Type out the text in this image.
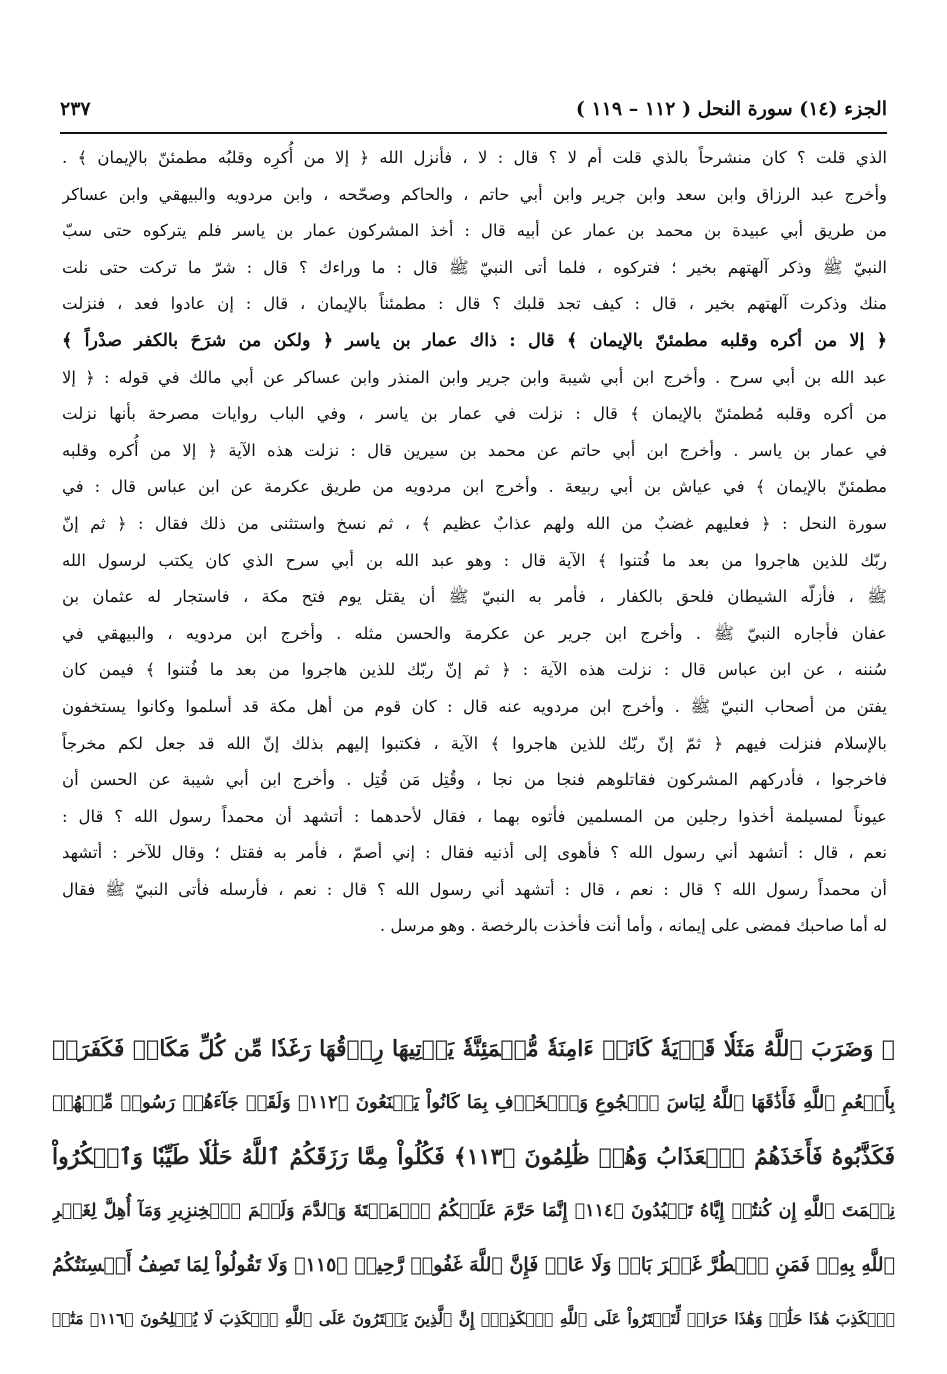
الجزء (١٤) سورة النحل ( ١١٢ – ١١٩ )
٢٣٧
الذي قلت ؟ كان منشرحاً بالذي قلت أم لا ؟ قال : لا ، فأنزل الله ﴿ إلا من أُكرِه وقلبُه مطمئنّ بالإيمان ﴾ .
وأخرج عبد الرزاق وابن سعد وابن جرير وابن أبي حاتم ، والحاكم وصحّحه ، وابن مردويه والبيهقي وابن عساكر
من طريق أبي عبيدة بن محمد بن عمار عن أبيه قال : أخذ المشركون عمار بن ياسر فلم يتركوه حتى سبّ
النبيّ ﷺ وذكر آلهتهم بخير ؛ فتركوه ، فلما أتى النبيّ ﷺ قال : ما وراءك ؟ قال : شرّ ما تركت حتى نلت
منك وذكرت آلهتهم بخير ، قال : كيف تجد قلبك ؟ قال : مطمئناً بالإيمان ، قال : إن عادوا فعد ، فنزلت
﴿ إلا من أكره وقلبه مطمئنّ بالإيمان ﴾ قال : ذاك عمار بن ياسر ﴿ ولكن من شرَحَ بالكفر صدْراً ﴾
عبد الله بن أبي سرح . وأخرج ابن أبي شيبة وابن جرير وابن المنذر وابن عساكر عن أبي مالك في قوله : ﴿ إلا
من أكره وقلبه مُطمئنّ بالإيمان ﴾ قال : نزلت في عمار بن ياسر ، وفي الباب روايات مصرحة بأنها نزلت
في عمار بن ياسر . وأخرج ابن أبي حاتم عن محمد بن سيرين قال : نزلت هذه الآية ﴿ إلا من أُكره وقلبه
مطمئنّ بالإيمان ﴾ في عياش بن أبي ربيعة . وأخرج ابن مردويه من طريق عكرمة عن ابن عباس قال : في
سورة النحل : ﴿ فعليهم غضبٌ من الله ولهم عذابٌ عظيم ﴾ ، ثم نسخ واستثنى من ذلك فقال : ﴿ ثم إنّ
ربّك للذين هاجروا من بعد ما فُتنوا ﴾ الآية قال : وهو عبد الله بن أبي سرح الذي كان يكتب لرسول الله
ﷺ ، فأزلّه الشيطان فلحق بالكفار ، فأمر به النبيّ ﷺ أن يقتل يوم فتح مكة ، فاستجار له عثمان بن
عفان فأجاره النبيّ ﷺ . وأخرج ابن جرير عن عكرمة والحسن مثله . وأخرج ابن مردويه ، والبيهقي في
سُننه ، عن ابن عباس قال : نزلت هذه الآية : ﴿ ثم إنّ ربّك للذين هاجروا من بعد ما فُتنوا ﴾ فيمن كان
يفتن من أصحاب النبيّ ﷺ . وأخرج ابن مردويه عنه قال : كان قوم من أهل مكة قد أسلموا وكانوا يستخفون
بالإسلام فنزلت فيهم ﴿ ثمّ إنّ ربّك للذين هاجروا ﴾ الآية ، فكتبوا إليهم بذلك إنّ الله قد جعل لكم مخرجاً
فاخرجوا ، فأدركهم المشركون فقاتلوهم فنجا من نجا ، وقُتِل مَن قُتِل . وأخرج ابن أبي شيبة عن الحسن أن
عيوناً لمسيلمة أخذوا رجلين من المسلمين فأتوه بهما ، فقال لأحدهما : أتشهد أن محمداً رسول الله ؟ قال :
نعم ، قال : أتشهد أني رسول الله ؟ فأهوى إلى أذنيه فقال : إني أصمّ ، فأمر به فقتل ؛ وقال للآخر : أتشهد
أن محمداً رسول الله ؟ قال : نعم ، قال : أتشهد أني رسول الله ؟ قال : نعم ، فأرسله فأتى النبيّ ﷺ فقال
له أما صاحبك فمضى على إيمانه ، وأما أنت فأخذت بالرخصة . وهو مرسل .
﴿ وَضَرَبَ ٱللَّهُ مَثَلٗا قَرۡيَةٗ كَانَتۡ ءَامِنَةٗ مُّطۡمَئِنَّةٗ يَأۡتِيهَا رِزۡقُهَا رَغَدٗا مِّن كُلِّ مَكَانٖ فَكَفَرَتۡ
بِأَنۡعُمِ ٱللَّهِ فَأَذَٰقَهَا ٱللَّهُ لِبَاسَ ٱلۡجُوعِ وَٱلۡخَوۡفِ بِمَا كَانُواْ يَصۡنَعُونَ ﴿١١٢﴾ وَلَقَدۡ جَآءَهُمۡ رَسُولٞ مِّنۡهُمۡ
فَكَذَّبُوهُ فَأَخَذَهُمُ ٱلۡعَذَابُ وَهُمۡ ظَٰلِمُونَ ﴿١١٣﴾ فَكُلُواْ مِمَّا رَزَقَكُمُ ٱللَّهُ حَلَٰلٗا طَيِّبٗا وَٱشۡكُرُواْ
نِعۡمَتَ ٱللَّهِ إِن كُنتُمۡ إِيَّاهُ تَعۡبُدُونَ ﴿١١٤﴾ إِنَّمَا حَرَّمَ عَلَيۡكُمُ ٱلۡمَيۡتَةَ وَٱلدَّمَ وَلَحۡمَ ٱلۡخِنزِيرِ وَمَآ أُهِلَّ لِغَيۡرِ
ٱللَّهِ بِهِۦۖ فَمَنِ ٱضۡطُرَّ غَيۡرَ بَاغٖ وَلَا عَادٖ فَإِنَّ ٱللَّهَ غَفُورٞ رَّحِيمٞ ﴿١١٥﴾ وَلَا تَقُولُواْ لِمَا تَصِفُ أَلۡسِنَتُكُمُ
ٱلۡكَذِبَ هَٰذَا حَلَٰلٞ وَهَٰذَا حَرَامٞ لِّتَفۡتَرُواْ عَلَى ٱللَّهِ ٱلۡكَذِبَۚ إِنَّ ٱلَّذِينَ يَفۡتَرُونَ عَلَى ٱللَّهِ ٱلۡكَذِبَ لَا يُفۡلِحُونَ ﴿١١٦﴾ مَتَٰعٞ
